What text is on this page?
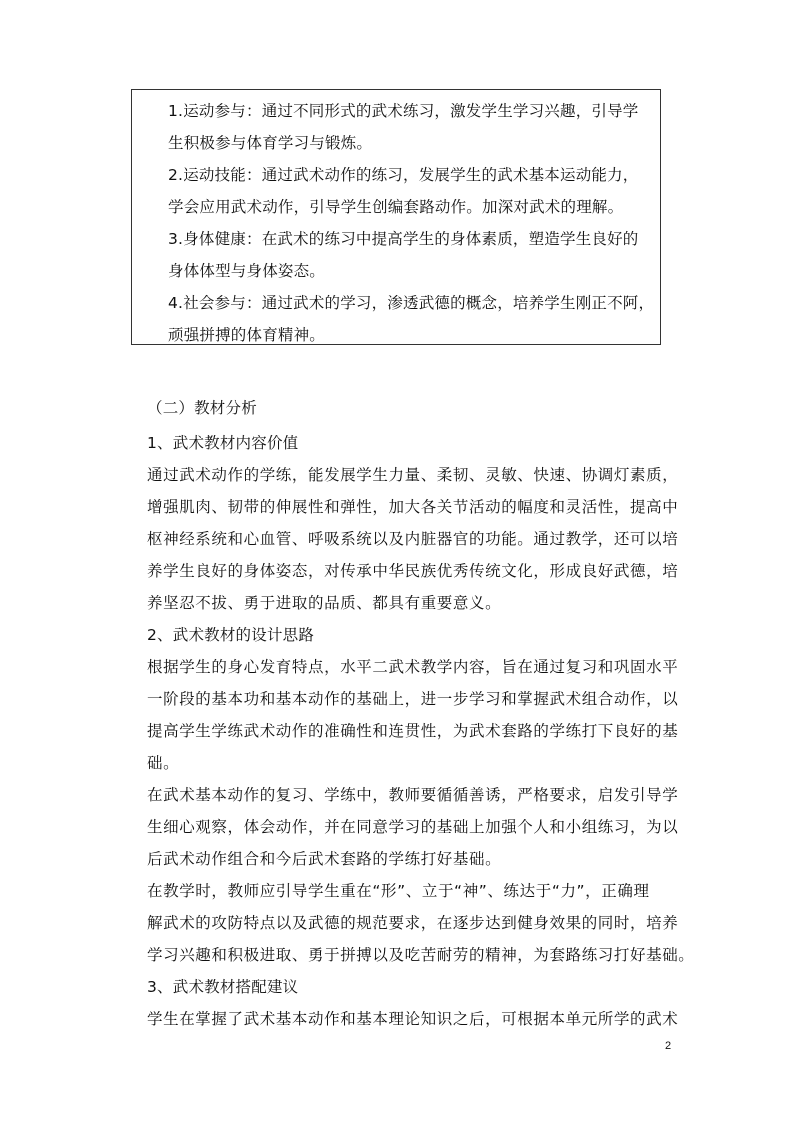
1.运动参与：通过不同形式的武术练习，激发学生学习兴趣，引导学
生积极参与体育学习与锻炼。
2.运动技能：通过武术动作的练习，发展学生的武术基本运动能力，
学会应用武术动作，引导学生创编套路动作。加深对武术的理解。
3.身体健康：在武术的练习中提高学生的身体素质，塑造学生良好的
身体体型与身体姿态。
4.社会参与：通过武术的学习，渗透武德的概念，培养学生刚正不阿，
顽强拼搏的体育精神。
（二）教材分析
1、武术教材内容价值
通过武术动作的学练，能发展学生力量、柔韧、灵敏、快速、协调灯素质，
增强肌肉、韧带的伸展性和弹性，加大各关节活动的幅度和灵活性，提高中
枢神经系统和心血管、呼吸系统以及内脏器官的功能。通过教学，还可以培
养学生良好的身体姿态，对传承中华民族优秀传统文化，形成良好武德，培
养坚忍不拔、勇于进取的品质、都具有重要意义。
2、武术教材的设计思路
根据学生的身心发育特点，水平二武术教学内容，旨在通过复习和巩固水平
一阶段的基本功和基本动作的基础上，进一步学习和掌握武术组合动作，以
提高学生学练武术动作的准确性和连贯性，为武术套路的学练打下良好的基
础。
在武术基本动作的复习、学练中，教师要循循善诱，严格要求，启发引导学
生细心观察，体会动作，并在同意学习的基础上加强个人和小组练习，为以
后武术动作组合和今后武术套路的学练打好基础。
在教学时，教师应引导学生重在“形”、立于“神”、练达于“力”，正确理
解武术的攻防特点以及武德的规范要求，在逐步达到健身效果的同时，培养
学习兴趣和积极进取、勇于拼搏以及吃苦耐劳的精神，为套路练习打好基础。
3、武术教材搭配建议
学生在掌握了武术基本动作和基本理论知识之后，可根据本单元所学的武术
2
